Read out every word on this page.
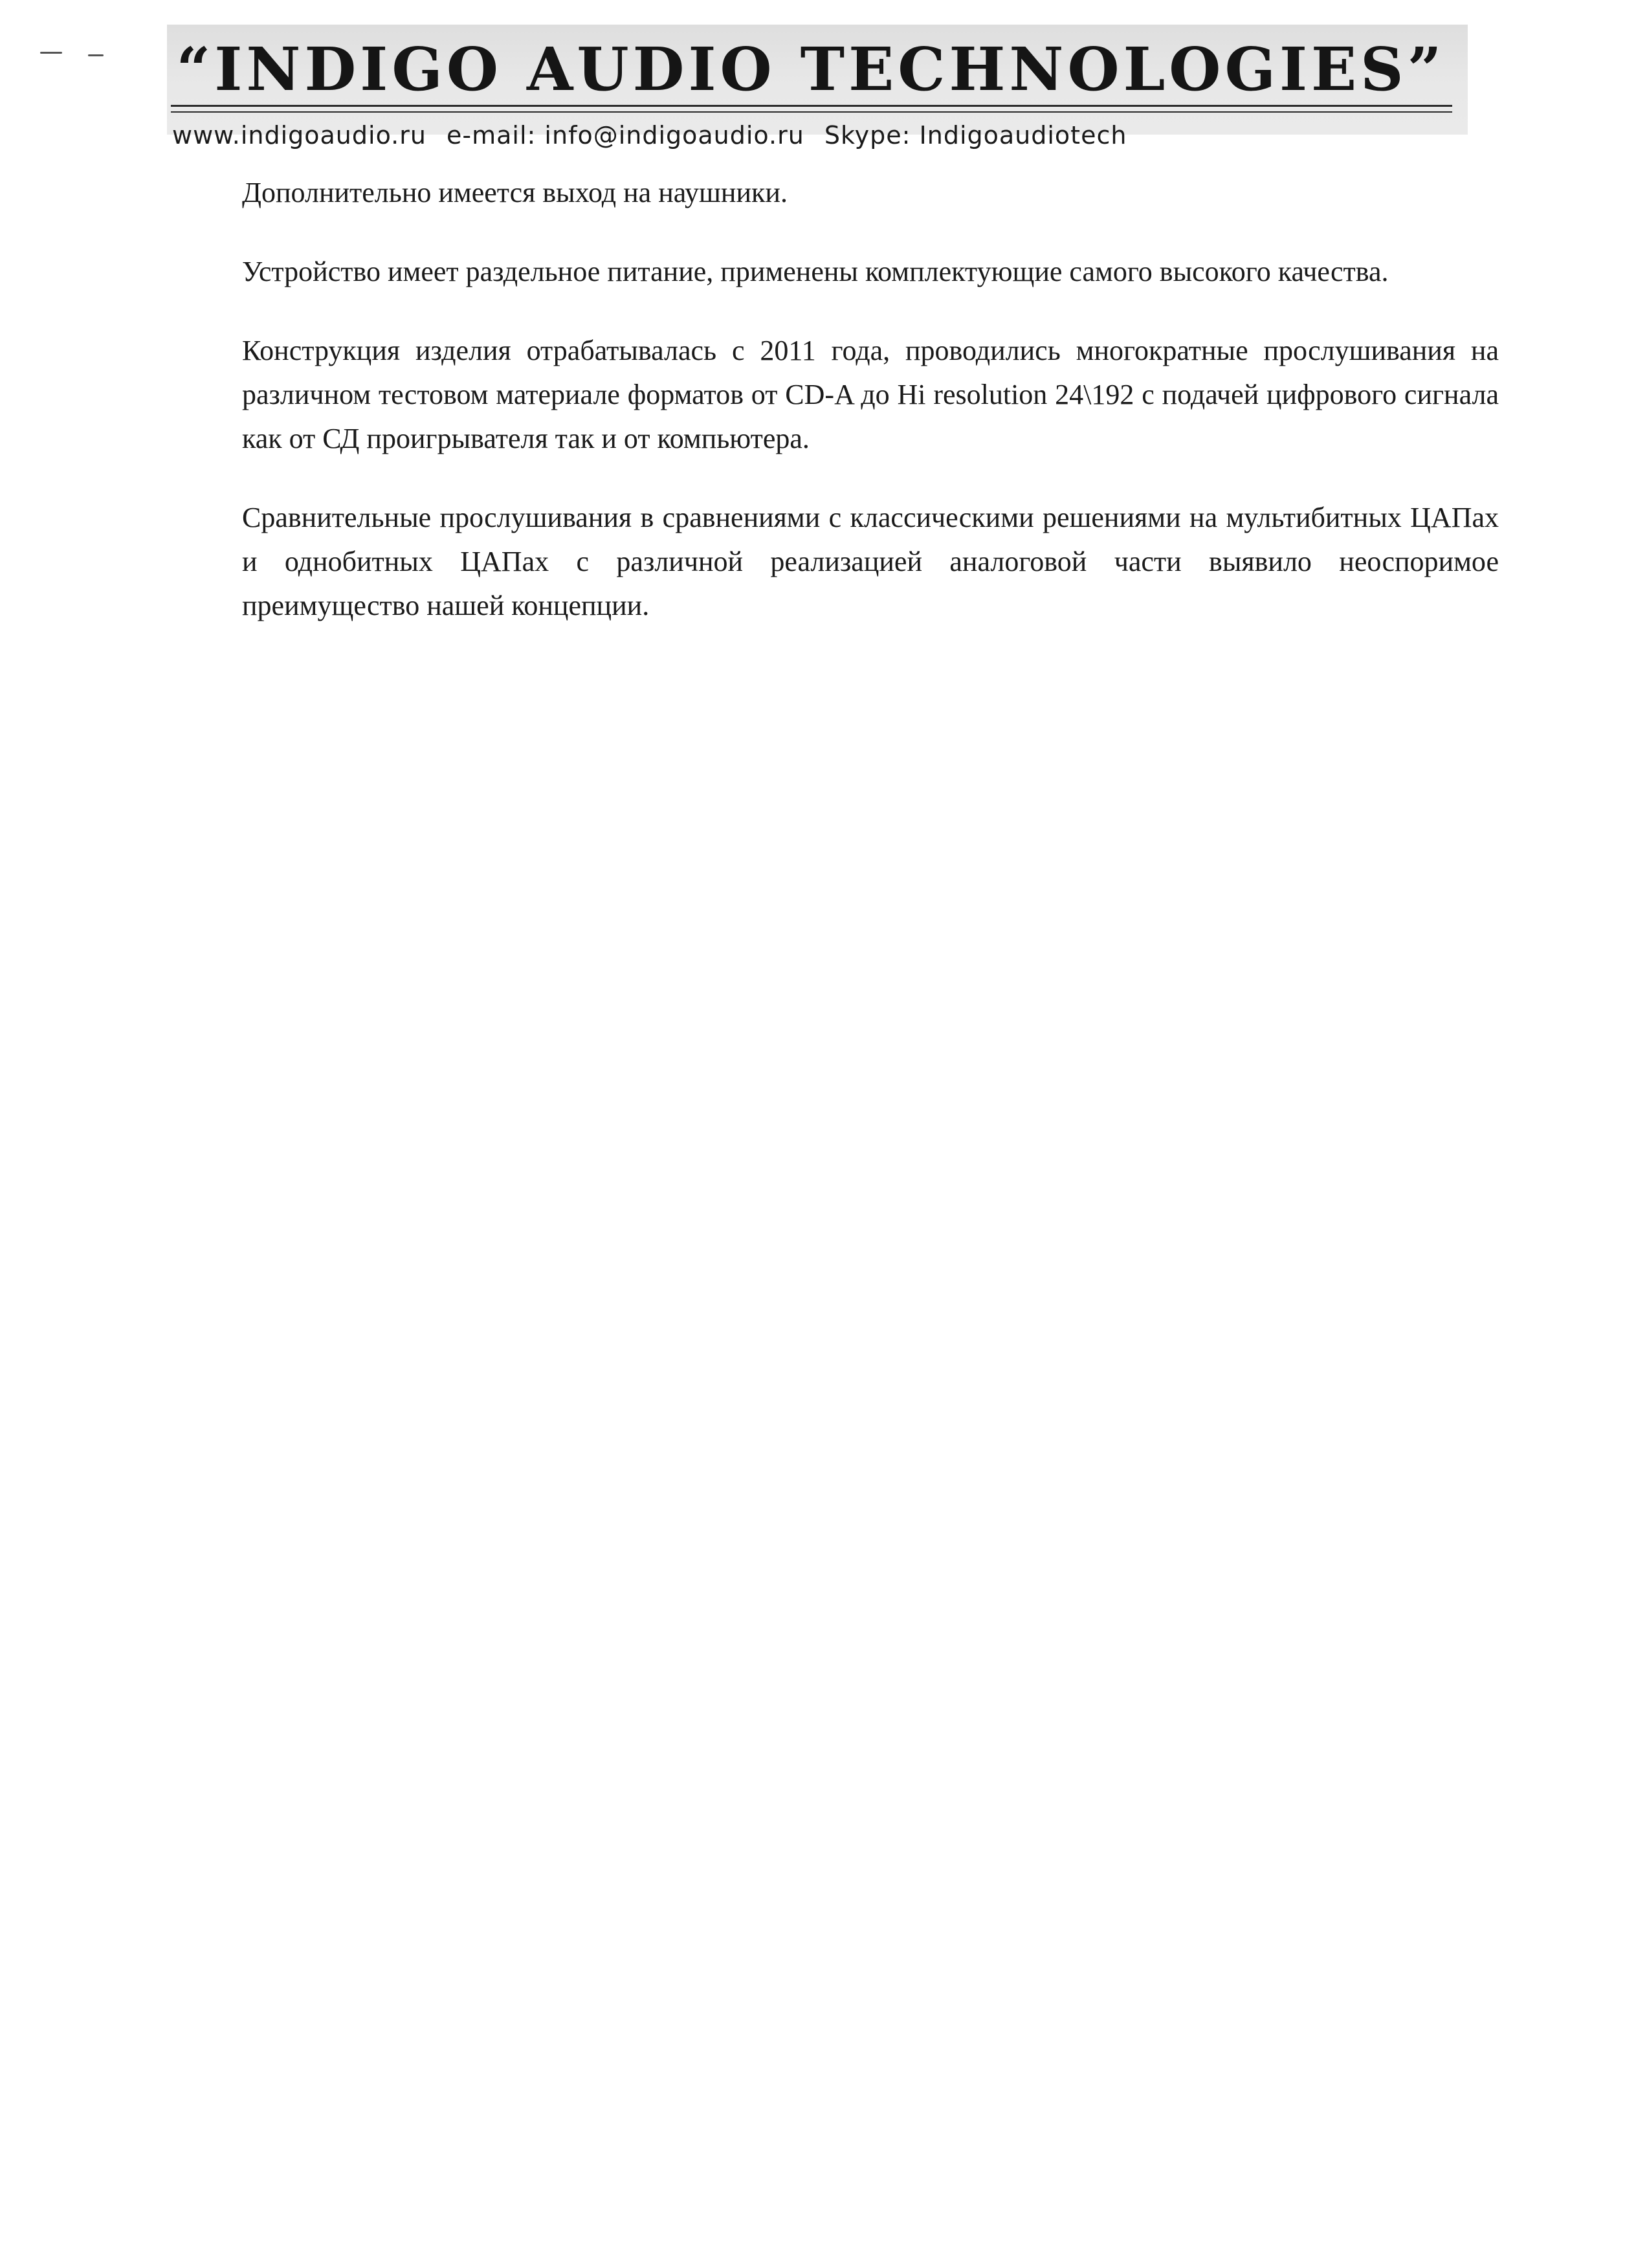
“INDIGO AUDIO TECHNOLOGIES”
www.indigoaudio.ru e-mail: info@indigoaudio.ru Skype: Indigoaudiotech

Дополнительно имеется выход на наушники.

Устройство имеет раздельное питание, применены комплектующие самого высокого качества.

Конструкция изделия отрабатывалась с 2011 года, проводились многократные прослушивания на различном тестовом материале форматов от CD-A до Hi resolution 24\192 с подачей цифрового сигнала как от СД проигрывателя так и от компьютера.

Сравнительные прослушивания в сравнениями с классическими решениями на мультибитных ЦАПах и однобитных ЦАПах с различной реализацией аналоговой части выявило неоспоримое преимущество нашей концепции.
